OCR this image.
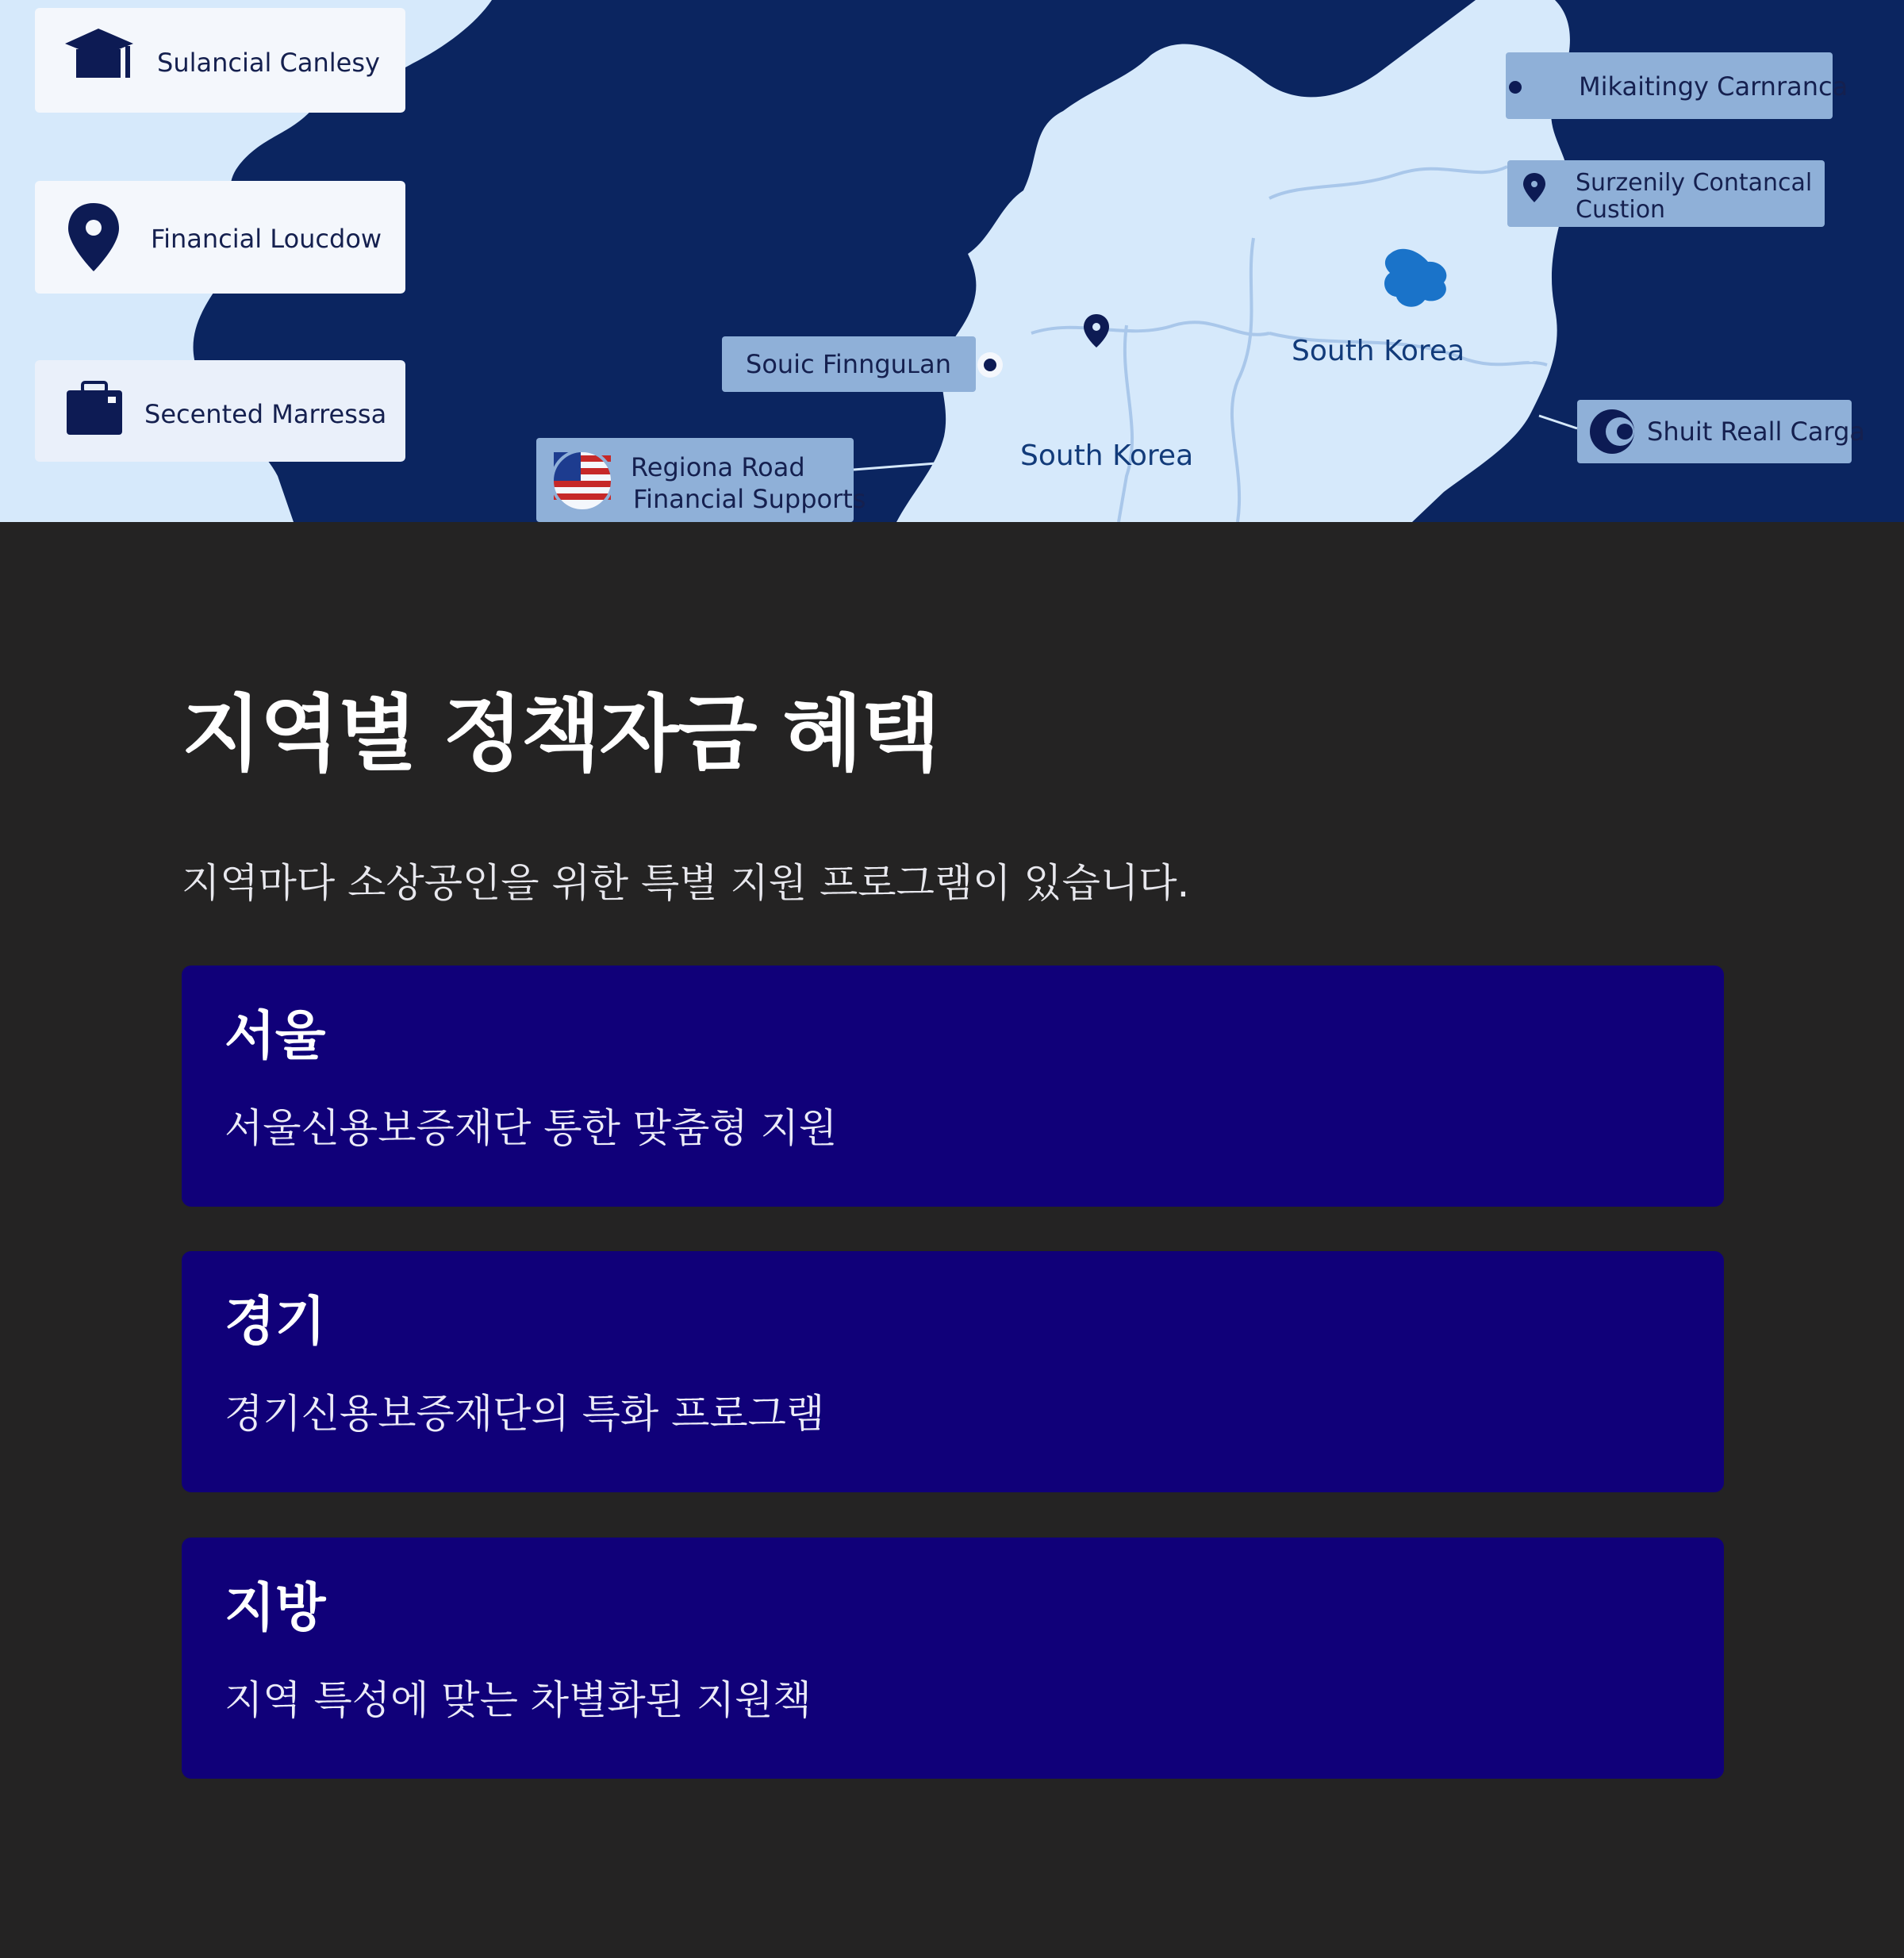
Sulancial Canlesy
Financial Loucdow
Secented Marressa
Souic Finnguʟan
Regiona Road
Financial Supports
Mikaitingy Carnranca
Surzenily Contancal
Custion
Shuit Reall Carga
South Korea
South Korea
지역별 정책자금 혜택

지역마다 소상공인을 위한 특별 지원 프로그램이 있습니다.

서울

서울신용보증재단 통한 맞춤형 지원

경기

경기신용보증재단의 특화 프로그램

지방

지역 특성에 맞는 차별화된 지원책
